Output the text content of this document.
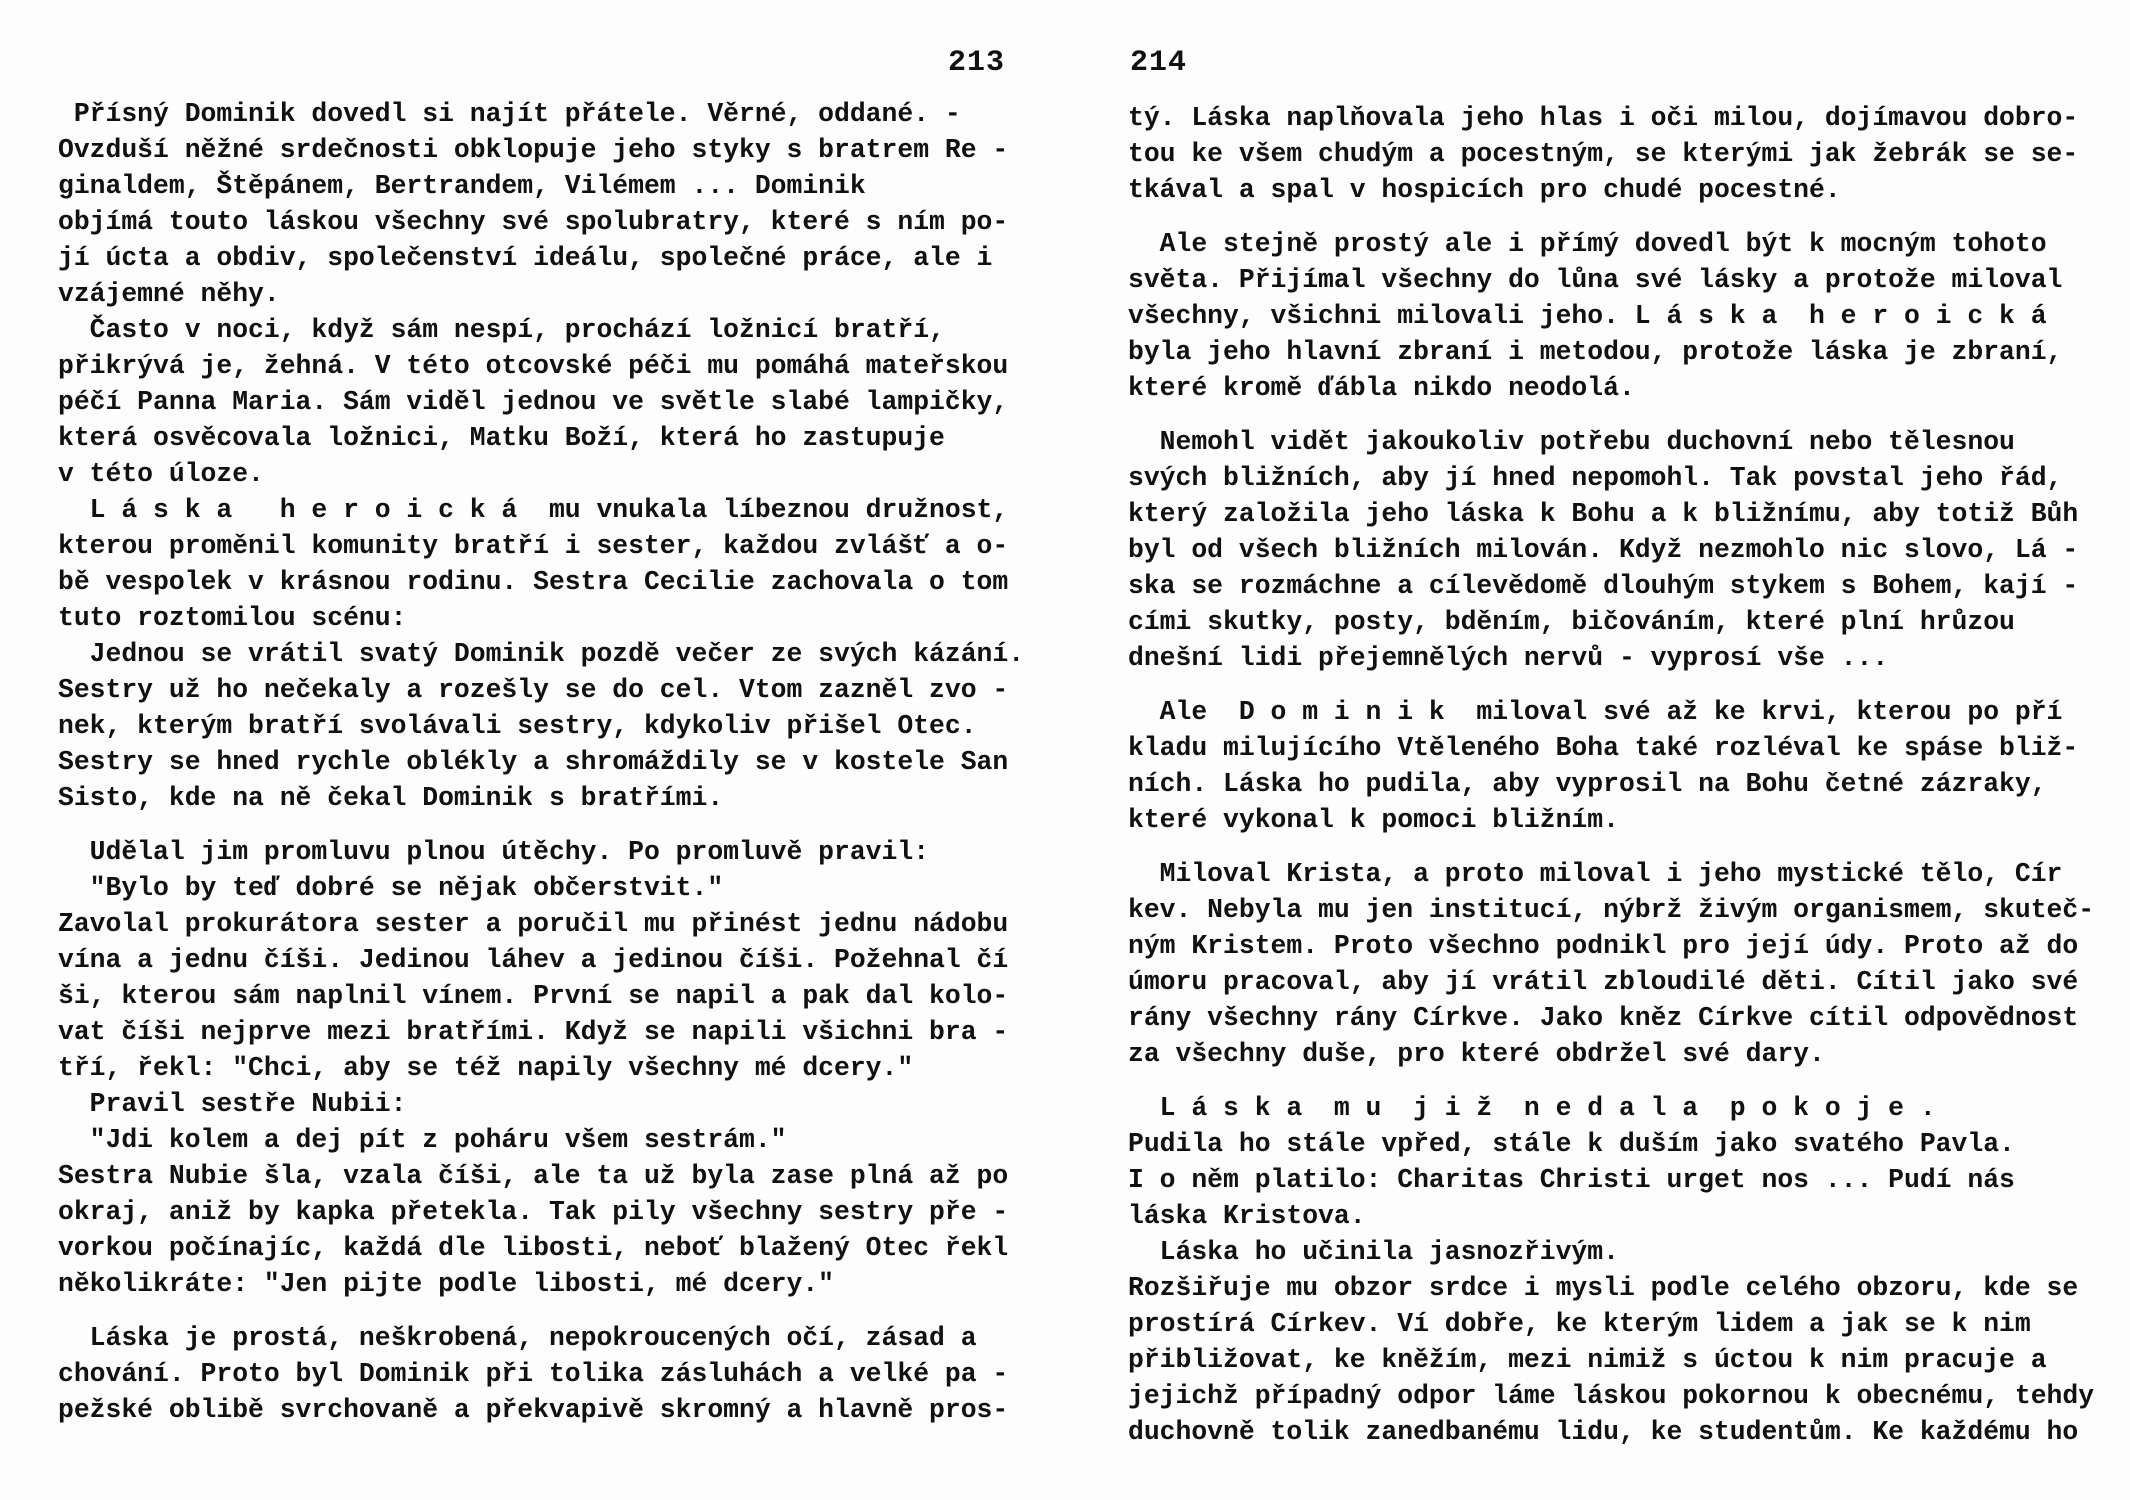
213
Přísný Dominik dovedl si najít přátele. Věrné, oddané. -
Ovzduší něžné srdečnosti obklopuje jeho styky s bratrem Re -
ginaldem, Štěpánem, Bertrandem, Vilémem ... Dominik
objímá touto láskou všechny své spolubratry, které s ním po-
jí úcta a obdiv, společenství ideálu, společné práce, ale i
vzájemné něhy.
Často v noci, když sám nespí, prochází ložnicí bratří,
přikrývá je, žehná. V této otcovské péči mu pomáhá mateřskou
péčí Panna Maria. Sám viděl jednou ve světle slabé lampičky,
která osvěcovala ložnici, Matku Boží, která ho zastupuje
v této úloze.
L á s k a   h e r o i c k á  mu vnukala líbeznou družnost,
kterou proměnil komunity bratří i sester, každou zvlášť a o-
bě vespolek v krásnou rodinu. Sestra Cecilie zachovala o tom
tuto roztomilou scénu:
Jednou se vrátil svatý Dominik pozdě večer ze svých kázání.
Sestry už ho nečekaly a rozešly se do cel. Vtom zazněl zvo -
nek, kterým bratří svolávali sestry, kdykoliv přišel Otec.
Sestry se hned rychle oblékly a shromáždily se v kostele San
Sisto, kde na ně čekal Dominik s bratřími.
Udělal jim promluvu plnou útěchy. Po promluvě pravil:
"Bylo by teď dobré se nějak občerstvit."
Zavolal prokurátora sester a poručil mu přinést jednu nádobu
vína a jednu číši. Jedinou láhev a jedinou číši. Požehnal čí
ši, kterou sám naplnil vínem. První se napil a pak dal kolo-
vat číši nejprve mezi bratřími. Když se napili všichni bra -
tří, řekl: "Chci, aby se též napily všechny mé dcery."
Pravil sestře Nubii:
"Jdi kolem a dej pít z poháru všem sestrám."
Sestra Nubie šla, vzala číši, ale ta už byla zase plná až po
okraj, aniž by kapka přetekla. Tak pily všechny sestry pře -
vorkou počínajíc, každá dle libosti, neboť blažený Otec řekl
několikráte: "Jen pijte podle libosti, mé dcery."
Láska je prostá, neškrobená, nepokroucených očí, zásad a
chování. Proto byl Dominik při tolika zásluhách a velké pa -
pežské oblibě svrchovaně a překvapivě skromný a hlavně pros-
214
tý. Láska naplňovala jeho hlas i oči milou, dojímavou dobro-
tou ke všem chudým a pocestným, se kterými jak žebrák se se-
tkával a spal v hospicích pro chudé pocestné.
Ale stejně prostý ale i přímý dovedl být k mocným tohoto
světa. Přijímal všechny do lůna své lásky a protože miloval
všechny, všichni milovali jeho. L á s k a  h e r o i c k á
byla jeho hlavní zbraní i metodou, protože láska je zbraní,
které kromě ďábla nikdo neodolá.
Nemohl vidět jakoukoliv potřebu duchovní nebo tělesnou
svých bližních, aby jí hned nepomohl. Tak povstal jeho řád,
který založila jeho láska k Bohu a k bližnímu, aby totiž Bůh
byl od všech bližních milován. Když nezmohlo nic slovo, Lá -
ska se rozmáchne a cílevědomě dlouhým stykem s Bohem, kají -
cími skutky, posty, bděním, bičováním, které plní hrůzou
dnešní lidi přejemnělých nervů - vyprosí vše ...
Ale  D o m i n i k  miloval své až ke krvi, kterou po pří
kladu milujícího Vtěleného Boha také rozléval ke spáse bliž-
ních. Láska ho pudila, aby vyprosil na Bohu četné zázraky,
které vykonal k pomoci bližním.
Miloval Krista, a proto miloval i jeho mystické tělo, Cír
kev. Nebyla mu jen institucí, nýbrž živým organismem, skuteč-
ným Kristem. Proto všechno podnikl pro její údy. Proto až do
úmoru pracoval, aby jí vrátil zbloudilé děti. Cítil jako své
rány všechny rány Církve. Jako kněz Církve cítil odpovědnost
za všechny duše, pro které obdržel své dary.
L á s k a  m u  j i ž  n e d a l a  p o k o j e .
Pudila ho stále vpřed, stále k duším jako svatého Pavla.
I o něm platilo: Charitas Christi urget nos ... Pudí nás
láska Kristova.
Láska ho učinila jasnozřivým.
Rozšiřuje mu obzor srdce i mysli podle celého obzoru, kde se
prostírá Církev. Ví dobře, ke kterým lidem a jak se k nim
přibližovat, ke kněžím, mezi nimiž s úctou k nim pracuje a
jejichž případný odpor láme láskou pokornou k obecnému, tehdy
duchovně tolik zanedbanému lidu, ke studentům. Ke každému ho
